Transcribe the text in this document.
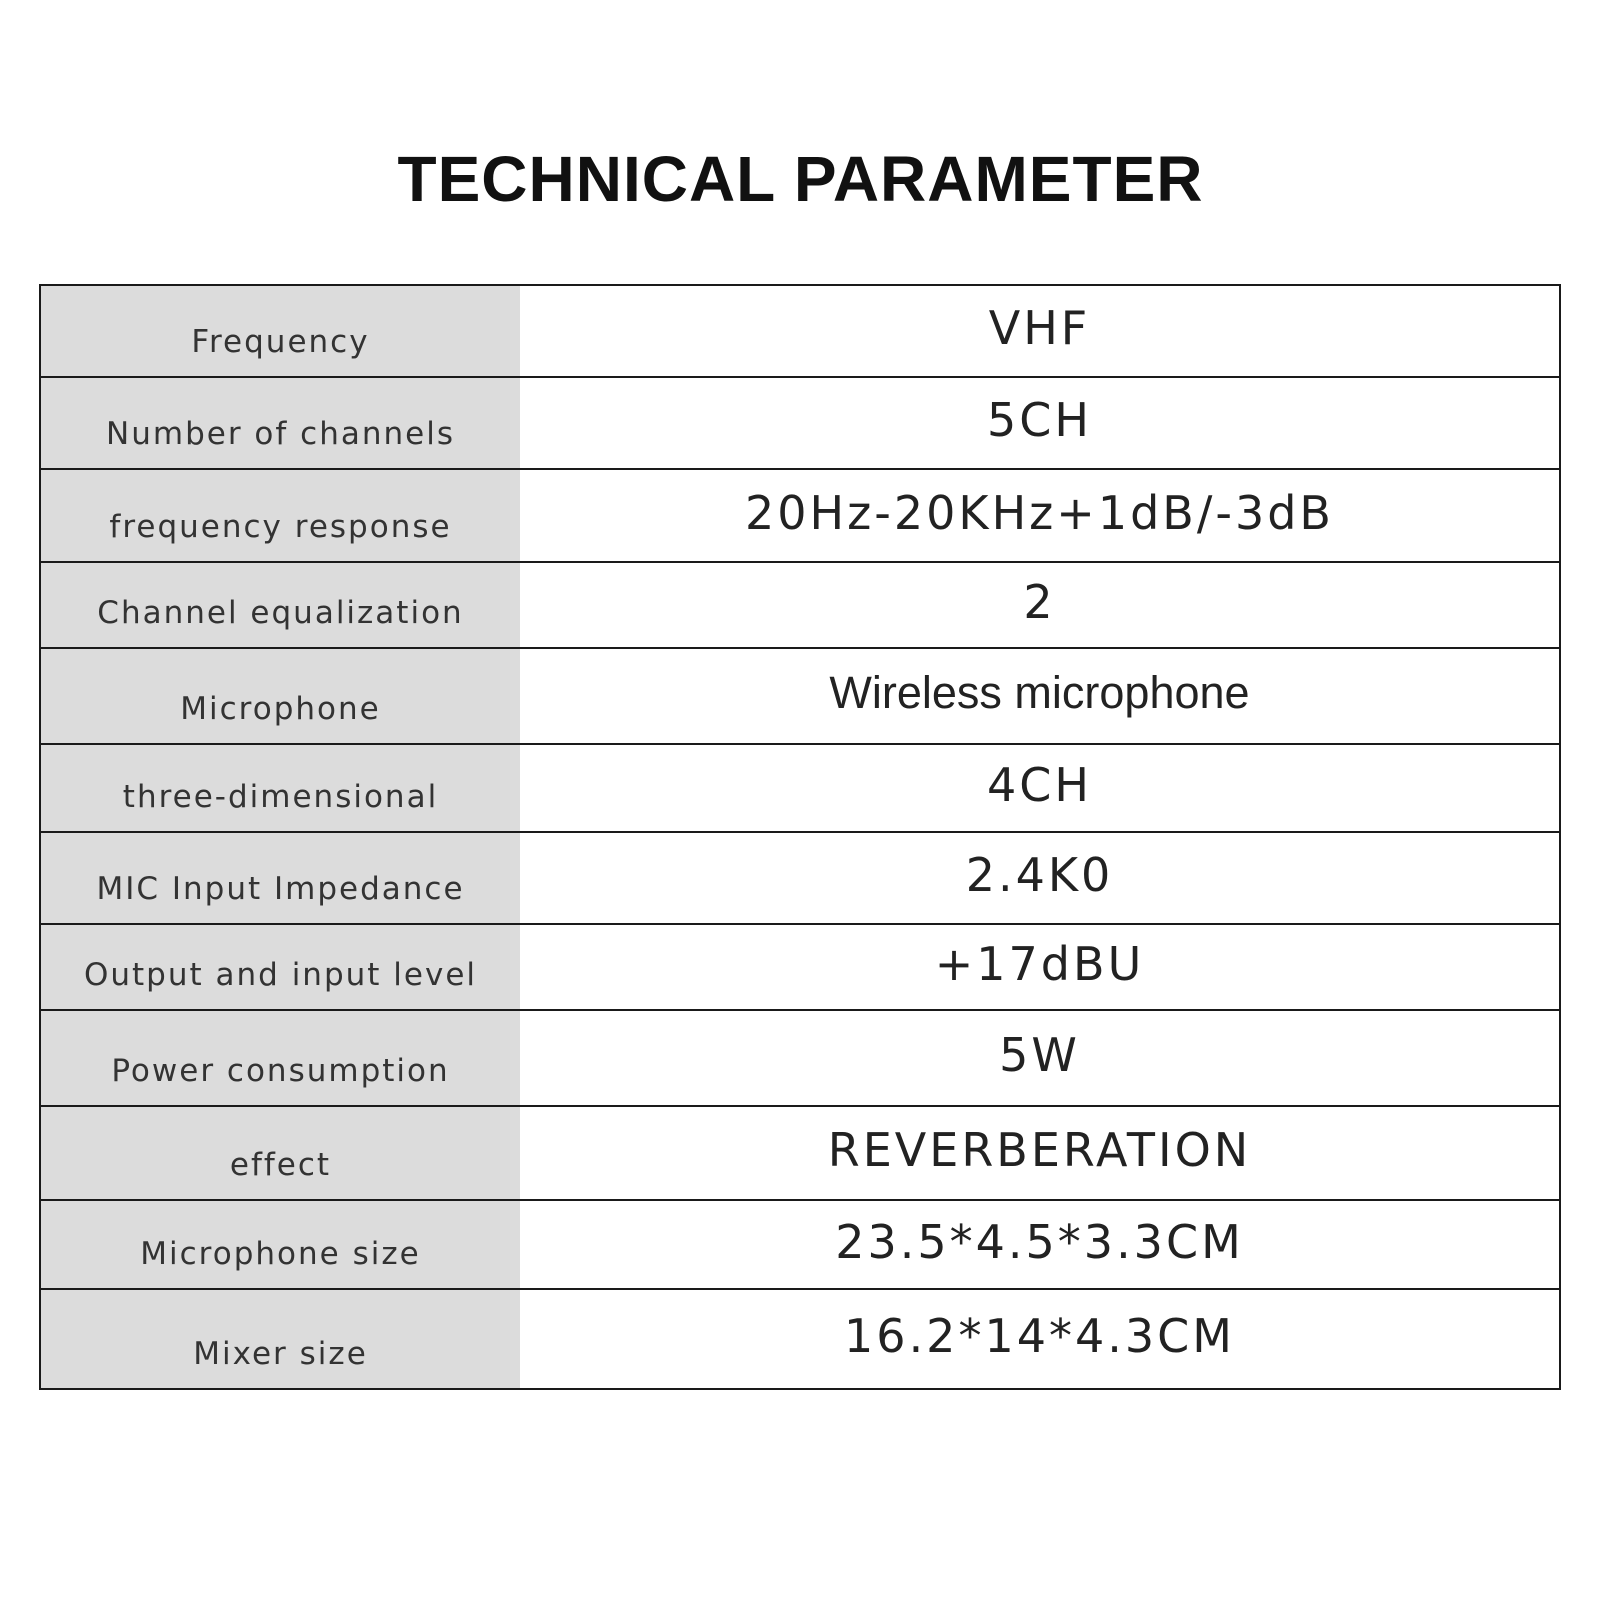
TECHNICAL PARAMETER
Frequency	VHF
Number of channels	5CH
frequency response	20Hz-20KHz+1dB/-3dB
Channel equalization	2
Microphone	Wireless microphone
three-dimensional	4CH
MIC Input Impedance	2.4K0
Output and input level	+17dBU
Power consumption	5W
effect	REVERBERATION
Microphone size	23.5*4.5*3.3CM
Mixer size	16.2*14*4.3CM
